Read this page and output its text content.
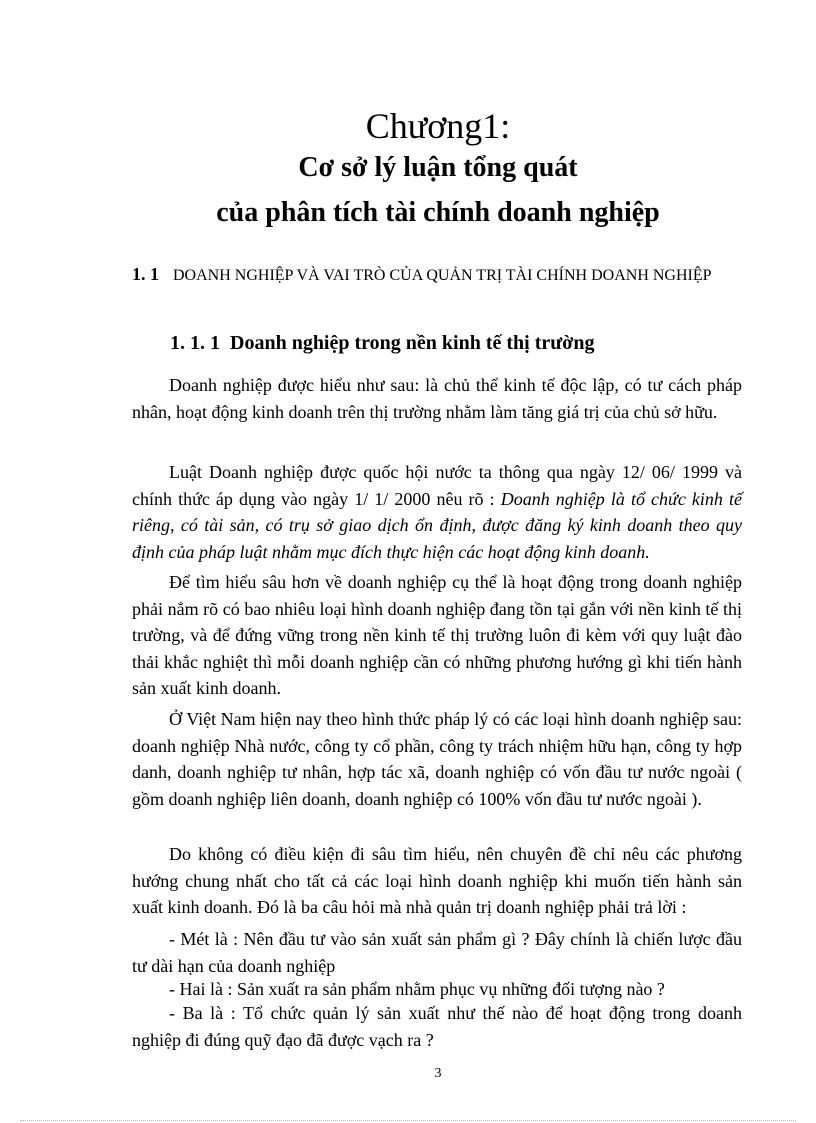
Chương1:
Cơ sở lý luận tổng quát
của phân tích tài chính doanh nghiệp

1. 1 DOANH NGHIỆP VÀ VAI TRÒ CỦA QUẢN TRỊ TÀI CHÍNH DOANH NGHIỆP

1. 1. 1 Doanh nghiệp trong nền kinh tế thị trường

Doanh nghiệp được hiểu như sau: là chủ thể kinh tế độc lập, có tư cách pháp nhân, hoạt động kinh doanh trên thị trường nhằm làm tăng giá trị của chủ sở hữu.

Luật Doanh nghiệp được quốc hội nước ta thông qua ngày 12/ 06/ 1999 và chính thức áp dụng vào ngày 1/ 1/ 2000 nêu rõ : Doanh nghiệp là tổ chức kinh tế riêng, có tài sản, có trụ sở giao dịch ổn định, được đăng ký kinh doanh theo quy định của pháp luật nhằm mục đích thực hiện các hoạt động kinh doanh.

Để tìm hiểu sâu hơn về doanh nghiệp cụ thể là hoạt động trong doanh nghiệp phải nắm rõ có bao nhiêu loại hình doanh nghiệp đang tồn tại gắn với nền kinh tế thị trường, và để đứng vững trong nền kinh tế thị trường luôn đi kèm với quy luật đào thải khắc nghiệt thì mỗi doanh nghiệp cần có những phương hướng gì khi tiến hành sản xuất kinh doanh.

Ở Việt Nam hiện nay theo hình thức pháp lý có các loại hình doanh nghiệp sau: doanh nghiệp Nhà nước, công ty cổ phần, công ty trách nhiệm hữu hạn, công ty hợp danh, doanh nghiệp tư nhân, hợp tác xã, doanh nghiệp có vốn đầu tư nước ngoài ( gồm doanh nghiệp liên doanh, doanh nghiệp có 100% vốn đầu tư nước ngoài ).

Do không có điều kiện đi sâu tìm hiểu, nên chuyên đề chỉ nêu các phương hướng chung nhất cho tất cả các loại hình doanh nghiệp khi muốn tiến hành sản xuất kinh doanh. Đó là ba câu hỏi mà nhà quản trị doanh nghiệp phải trả lời :

- Mét là : Nên đầu tư vào sản xuất sản phẩm gì ? Đây chính là chiến lược đầu tư dài hạn của doanh nghiệp

- Hai là : Sản xuất ra sản phẩm nhằm phục vụ những đối tượng nào ?

- Ba là : Tổ chức quản lý sản xuất như thế nào để hoạt động trong doanh nghiệp đi đúng quỹ đạo đã được vạch ra ?

3
